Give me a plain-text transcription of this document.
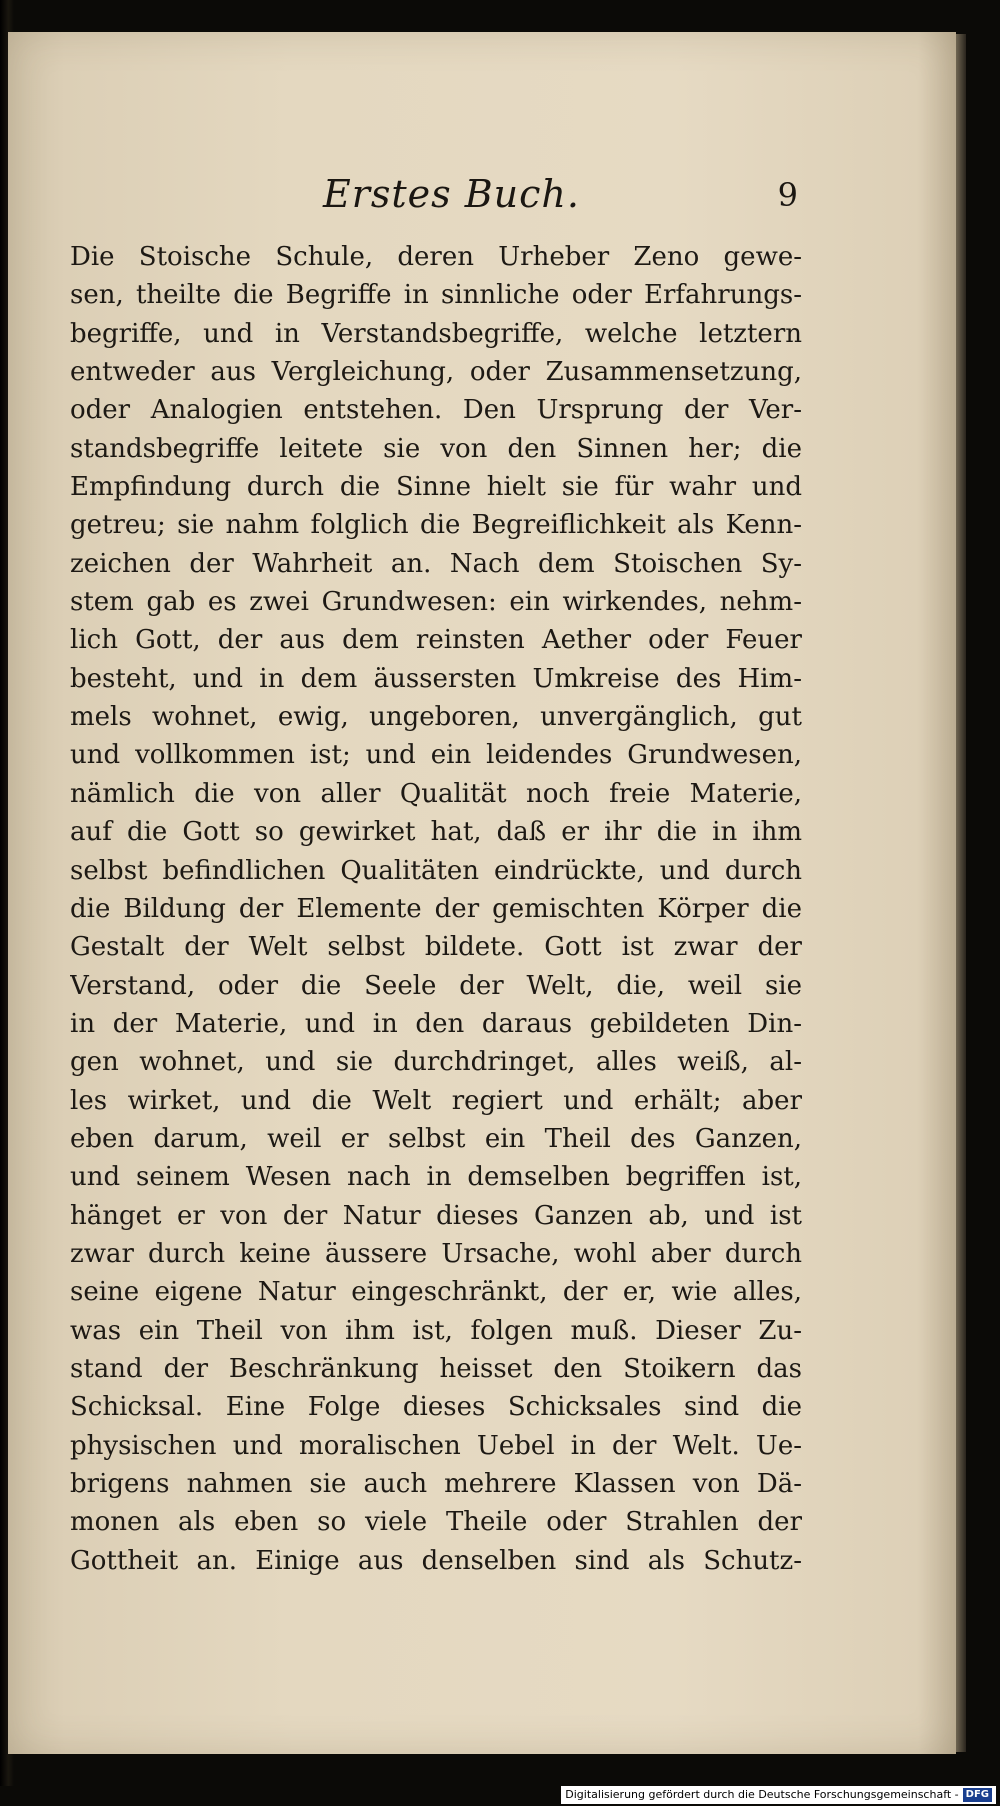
Erstes Buch.	9
Die Stoische Schule, deren Urheber Zeno gewe-
sen, theilte die Begriffe in sinnliche oder Erfahrungs-
begriffe, und in Verstandsbegriffe, welche letztern
entweder aus Vergleichung, oder Zusammensetzung,
oder Analogien entstehen. Den Ursprung der Ver-
standsbegriffe leitete sie von den Sinnen her; die
Empfindung durch die Sinne hielt sie für wahr und
getreu; sie nahm folglich die Begreiflichkeit als Kenn-
zeichen der Wahrheit an. Nach dem Stoischen Sy-
stem gab es zwei Grundwesen: ein wirkendes, nehm-
lich Gott, der aus dem reinsten Aether oder Feuer
besteht, und in dem äussersten Umkreise des Him-
mels wohnet, ewig, ungeboren, unvergänglich, gut
und vollkommen ist; und ein leidendes Grundwesen,
nämlich die von aller Qualität noch freie Materie,
auf die Gott so gewirket hat, daß er ihr die in ihm
selbst befindlichen Qualitäten eindrückte, und durch
die Bildung der Elemente der gemischten Körper die
Gestalt der Welt selbst bildete. Gott ist zwar der
Verstand, oder die Seele der Welt, die, weil sie
in der Materie, und in den daraus gebildeten Din-
gen wohnet, und sie durchdringet, alles weiß, al-
les wirket, und die Welt regiert und erhält; aber
eben darum, weil er selbst ein Theil des Ganzen,
und seinem Wesen nach in demselben begriffen ist,
hänget er von der Natur dieses Ganzen ab, und ist
zwar durch keine äussere Ursache, wohl aber durch
seine eigene Natur eingeschränkt, der er, wie alles,
was ein Theil von ihm ist, folgen muß. Dieser Zu-
stand der Beschränkung heisset den Stoikern das
Schicksal. Eine Folge dieses Schicksales sind die
physischen und moralischen Uebel in der Welt. Ue-
brigens nahmen sie auch mehrere Klassen von Dä-
monen als eben so viele Theile oder Strahlen der
Gottheit an. Einige aus denselben sind als Schutz-
Digitalisierung gefördert durch die Deutsche Forschungsgemeinschaft - DFG
